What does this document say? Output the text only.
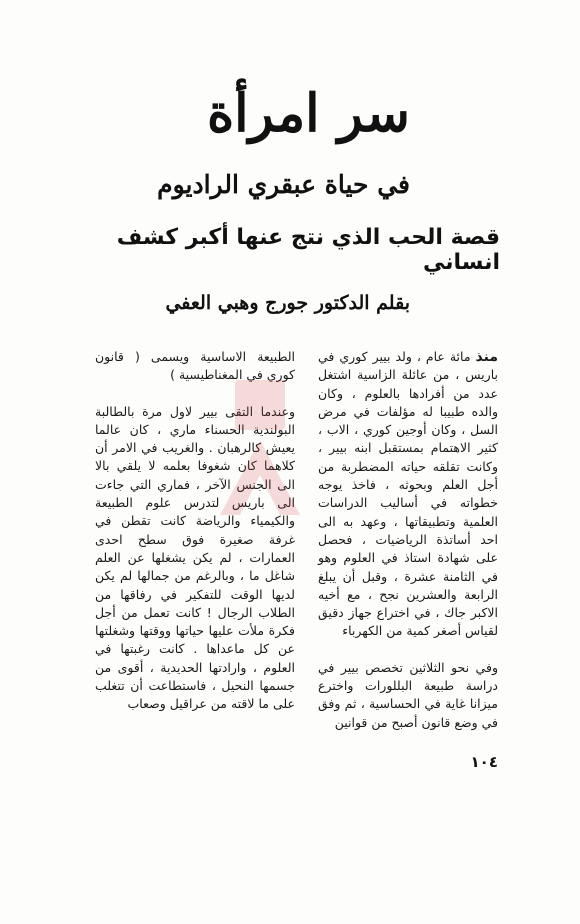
سر امرأة
في حياة عبقري الراديوم
قصة الحب الذي نتج عنها أكبر كشف انساني
بقلم الدكتور جورج وهبي العفي

منذ مائة عام ، ولد بيير كوري في باريس ، من عائلة الزاسية اشتغل عدد من أفرادها بالعلوم ، وكان والده طبيبا له مؤلفات في مرض السل ، وكان أوجين كوري ، الاب ، كثير الاهتمام بمستقبل ابنه بيير ، وكانت تقلقه حياته المضطربة من أجل العلم وبحوثه ، فاخذ يوجه خطواته في أساليب الدراسات العلمية وتطبيقاتها ، وعهد به الى احد أساتذة الرياضيات ، فحصل على شهادة استاذ في العلوم وهو في الثامنة عشرة ، وقبل أن يبلغ الرابعة والعشرين نجح ، مع أخيه الاكبر جاك ، في اختراع جهاز دقيق لقياس أصغر كمية من الكهرباء

وفي نحو الثلاثين تخصص بيير في دراسة طبيعة البللورات واخترع ميزانا غاية في الحساسية ، ثم وفق في وضع قانون أصبح من قوانين

الطبيعة الاساسية ويسمى ( قانون كوري في المغناطيسية )

وعندما التقى بيير لاول مرة بالطالبة البولندية الحسناء ماري ، كان عالما يعيش كالرهبان . والغريب في الامر أن كلاهما كان شغوفا بعلمه لا يلقي بالا الى الجنس الآخر ، فماري التي جاءت الى باريس لتدرس علوم الطبيعة والكيمياء والرياضة كانت تقطن في غرفة صغيرة فوق سطح احدى العمارات ، لم يكن يشغلها عن العلم شاغل ما ، وبالرغم من جمالها لم يكن لديها الوقت للتفكير في رفاقها من الطلاب الرجال ! كانت تعمل من أجل فكرة ملأت عليها حياتها ووقتها وشغلتها عن كل ماعداها . كانت رغبتها في العلوم ، وارادتها الحديدية ، أقوى من جسمها النحيل ، فاستطاعت أن تتغلب على ما لاقته من عراقيل وصعاب

١٠٤
